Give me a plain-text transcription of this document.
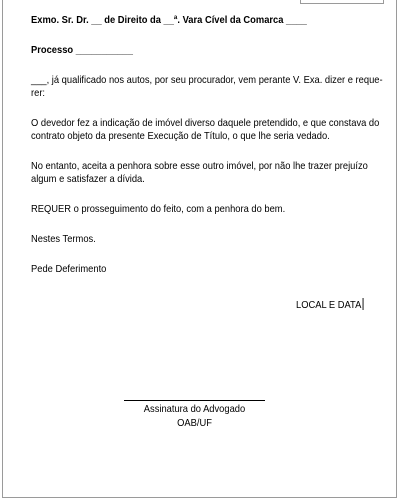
Exmo. Sr. Dr. __ de Direito da __ª. Vara Cível da Comarca ____
Processo ___________
___, já qualificado nos autos, por seu procurador, vem perante V. Exa. dizer e reque-
rer:
O devedor fez a indicação de imóvel diverso daquele pretendido, e que constava do
contrato objeto da presente Execução de Título, o que lhe seria vedado.
No entanto, aceita a penhora sobre esse outro imóvel, por não lhe trazer prejuízo
algum e satisfazer a dívida.
REQUER o prosseguimento do feito, com a penhora do bem.
Nestes Termos.
Pede Deferimento
LOCAL E DATA
Assinatura do Advogado
OAB/UF
